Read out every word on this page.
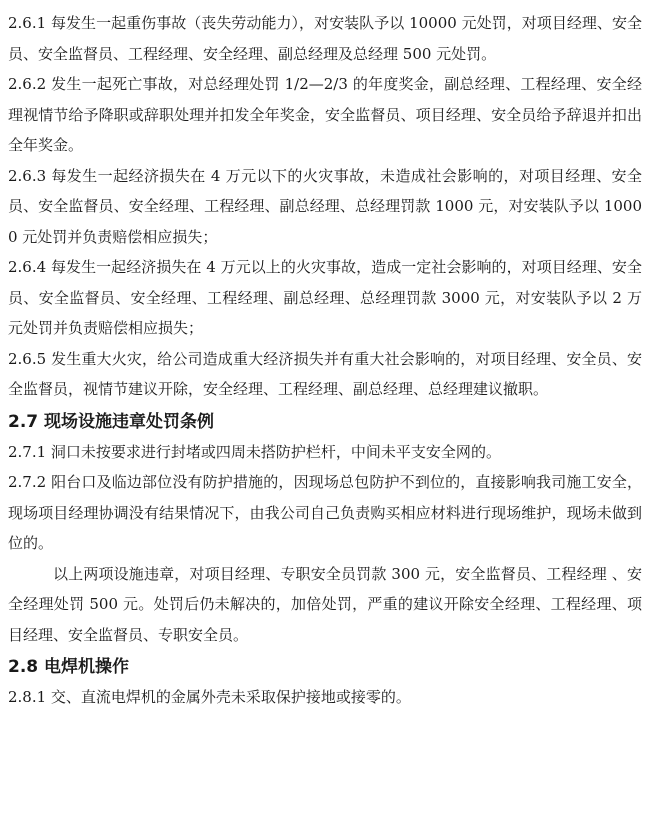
2.6.1 每发生一起重伤事故（丧失劳动能力），对安装队予以 10000 元处罚，对项目经理、安全员、安全监督员、工程经理、安全经理、副总经理及总经理 500 元处罚。

2.6.2 发生一起死亡事故，对总经理处罚 1/2—2/3 的年度奖金，副总经理、工程经理、安全经理视情节给予降职或辞职处理并扣发全年奖金，安全监督员、项目经理、安全员给予辞退并扣出全年奖金。

2.6.3 每发生一起经济损失在 4 万元以下的火灾事故，未造成社会影响的，对项目经理、安全员、安全监督员、安全经理、工程经理、副总经理、总经理罚款 1000 元，对安装队予以 10000 元处罚并负责赔偿相应损失；

2.6.4 每发生一起经济损失在 4 万元以上的火灾事故，造成一定社会影响的，对项目经理、安全员、安全监督员、安全经理、工程经理、副总经理、总经理罚款 3000 元，对安装队予以 2 万元处罚并负责赔偿相应损失；

2.6.5 发生重大火灾，给公司造成重大经济损失并有重大社会影响的，对项目经理、安全员、安全监督员，视情节建议开除，安全经理、工程经理、副总经理、总经理建议撤职。

2.7 现场设施违章处罚条例

2.7.1 洞口未按要求进行封堵或四周未搭防护栏杆，中间未平支安全网的。

2.7.2 阳台口及临边部位没有防护措施的，因现场总包防护不到位的，直接影响我司施工安全，现场项目经理协调没有结果情况下，由我公司自己负责购买相应材料进行现场维护，现场未做到位的。

以上两项设施违章，对项目经理、专职安全员罚款 300 元，安全监督员、工程经理 、安全经理处罚 500 元。处罚后仍未解决的，加倍处罚，严重的建议开除安全经理、工程经理、项目经理、安全监督员、专职安全员。

2.8 电焊机操作

2.8.1 交、直流电焊机的金属外壳未采取保护接地或接零的。
